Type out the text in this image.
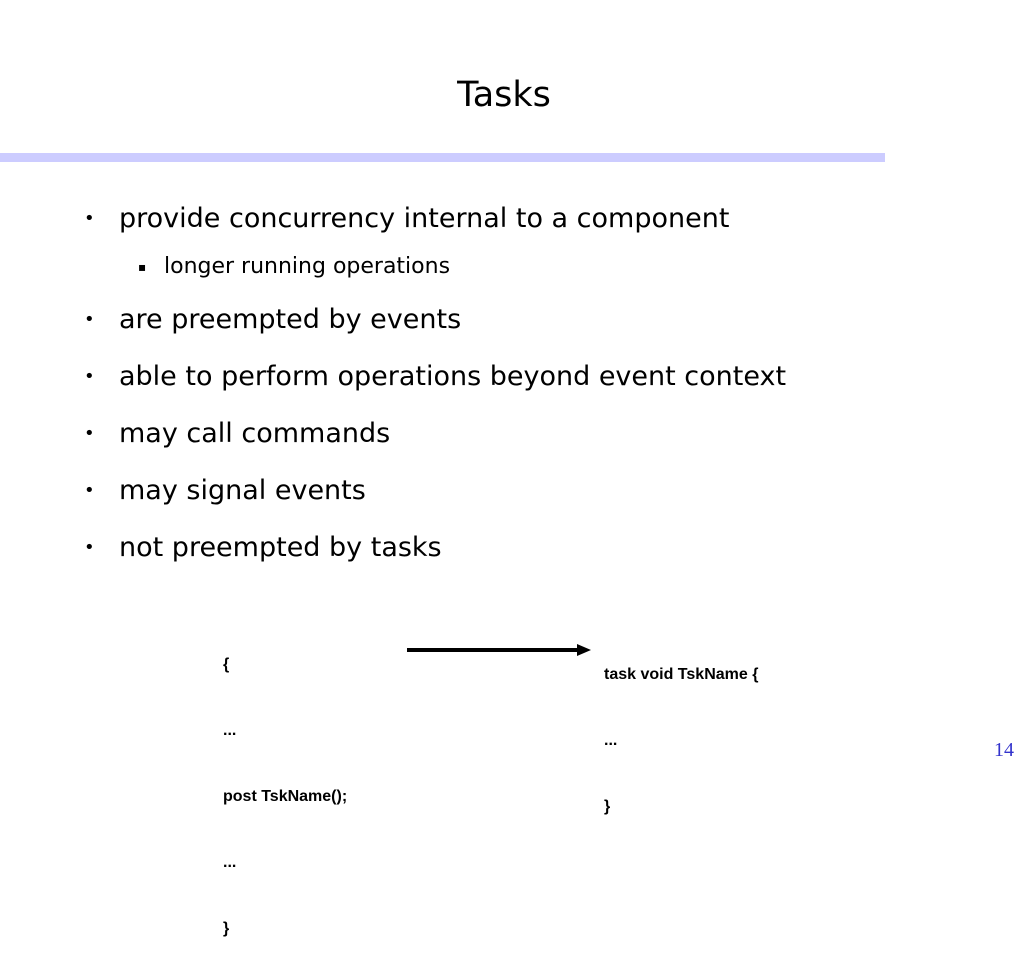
Tasks
• provide concurrency internal to a component
▪ longer running operations
• are preempted by events
• able to perform operations beyond event context
• may call commands
• may signal events
• not preempted by tasks

{

...

post TskName();

...

}

task void TskName {

...

}

14
